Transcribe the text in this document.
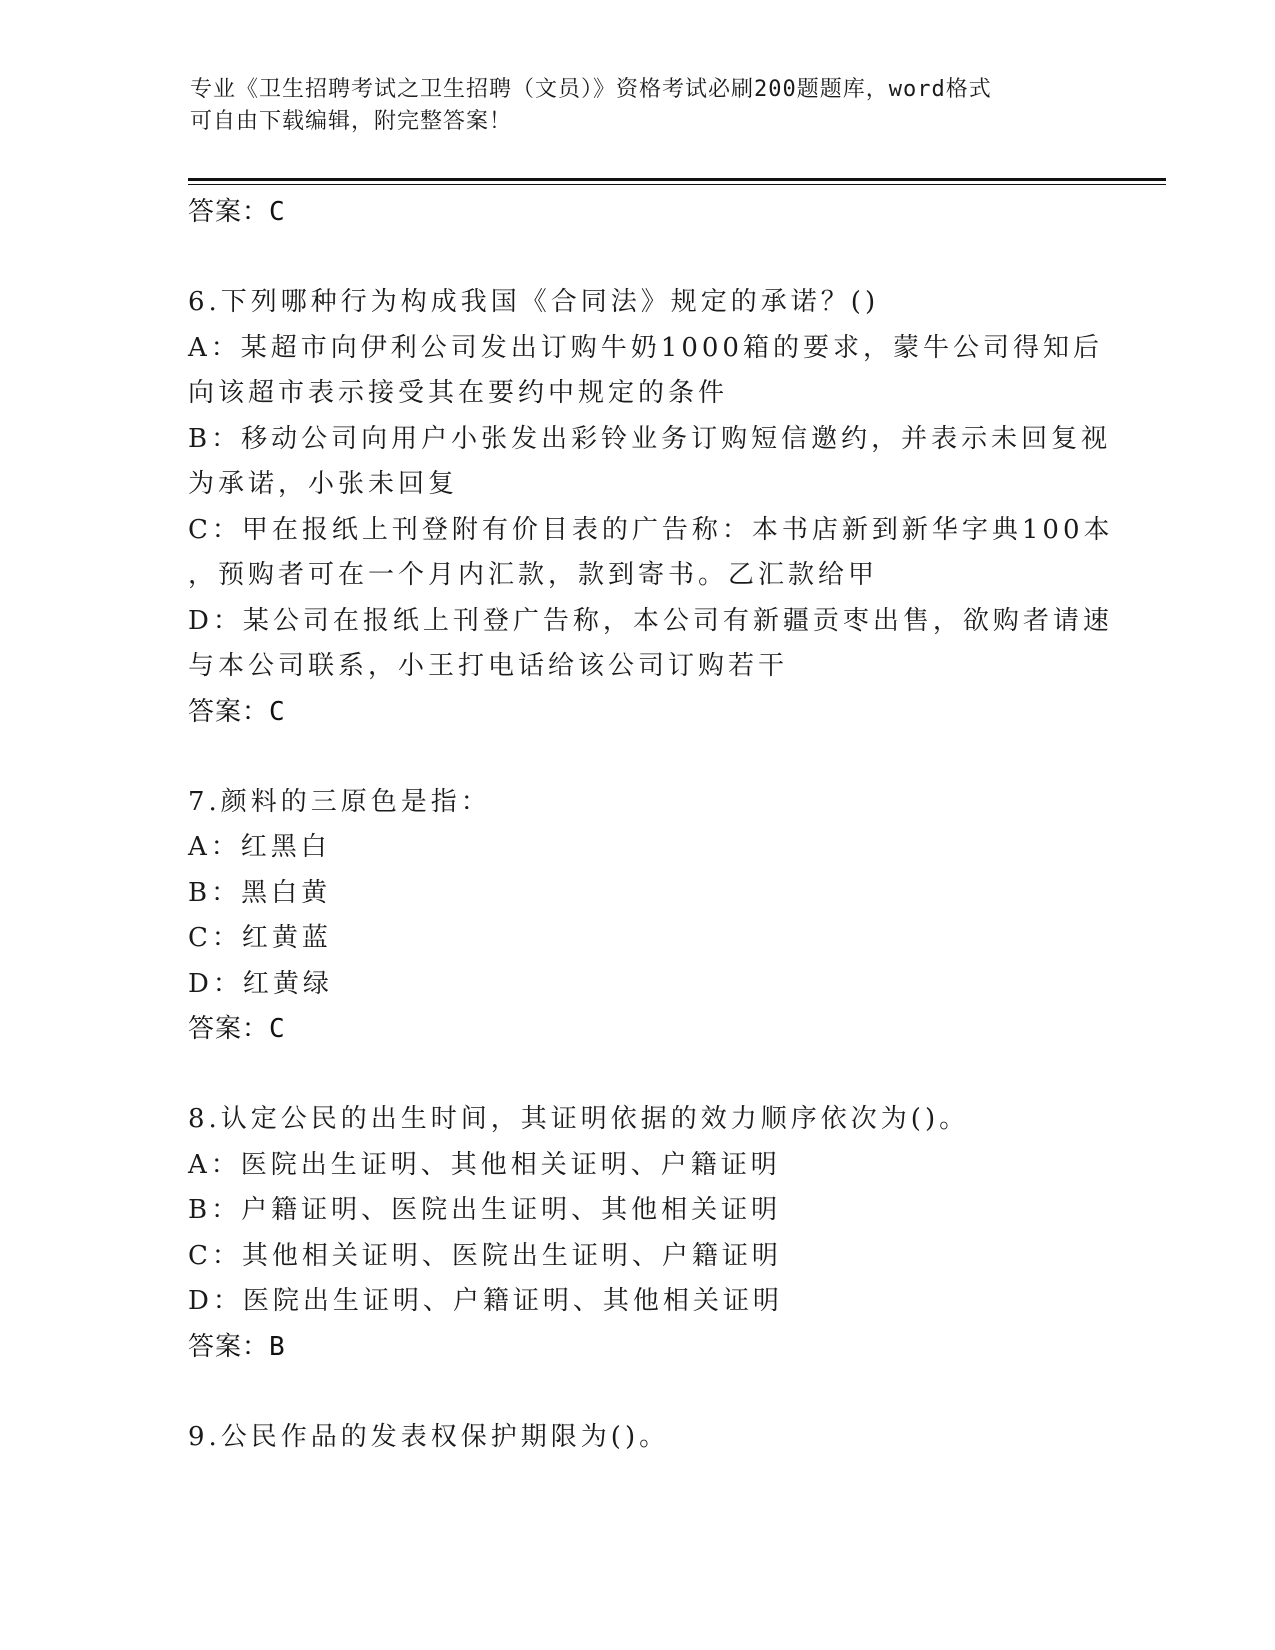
专业《卫生招聘考试之卫生招聘（文员）》资格考试必刷200题题库，word格式
可自由下载编辑，附完整答案！
答案：C
6.下列哪种行为构成我国《合同法》规定的承诺？()
A：某超市向伊利公司发出订购牛奶1000箱的要求，蒙牛公司得知后
向该超市表示接受其在要约中规定的条件
B：移动公司向用户小张发出彩铃业务订购短信邀约，并表示未回复视
为承诺，小张未回复
C：甲在报纸上刊登附有价目表的广告称：本书店新到新华字典100本
，预购者可在一个月内汇款，款到寄书。乙汇款给甲
D：某公司在报纸上刊登广告称，本公司有新疆贡枣出售，欲购者请速
与本公司联系，小王打电话给该公司订购若干
答案：C
7.颜料的三原色是指：
A：红黑白
B：黑白黄
C：红黄蓝
D：红黄绿
答案：C
8.认定公民的出生时间，其证明依据的效力顺序依次为()。
A：医院出生证明、其他相关证明、户籍证明
B：户籍证明、医院出生证明、其他相关证明
C：其他相关证明、医院出生证明、户籍证明
D：医院出生证明、户籍证明、其他相关证明
答案：B
9.公民作品的发表权保护期限为()。
